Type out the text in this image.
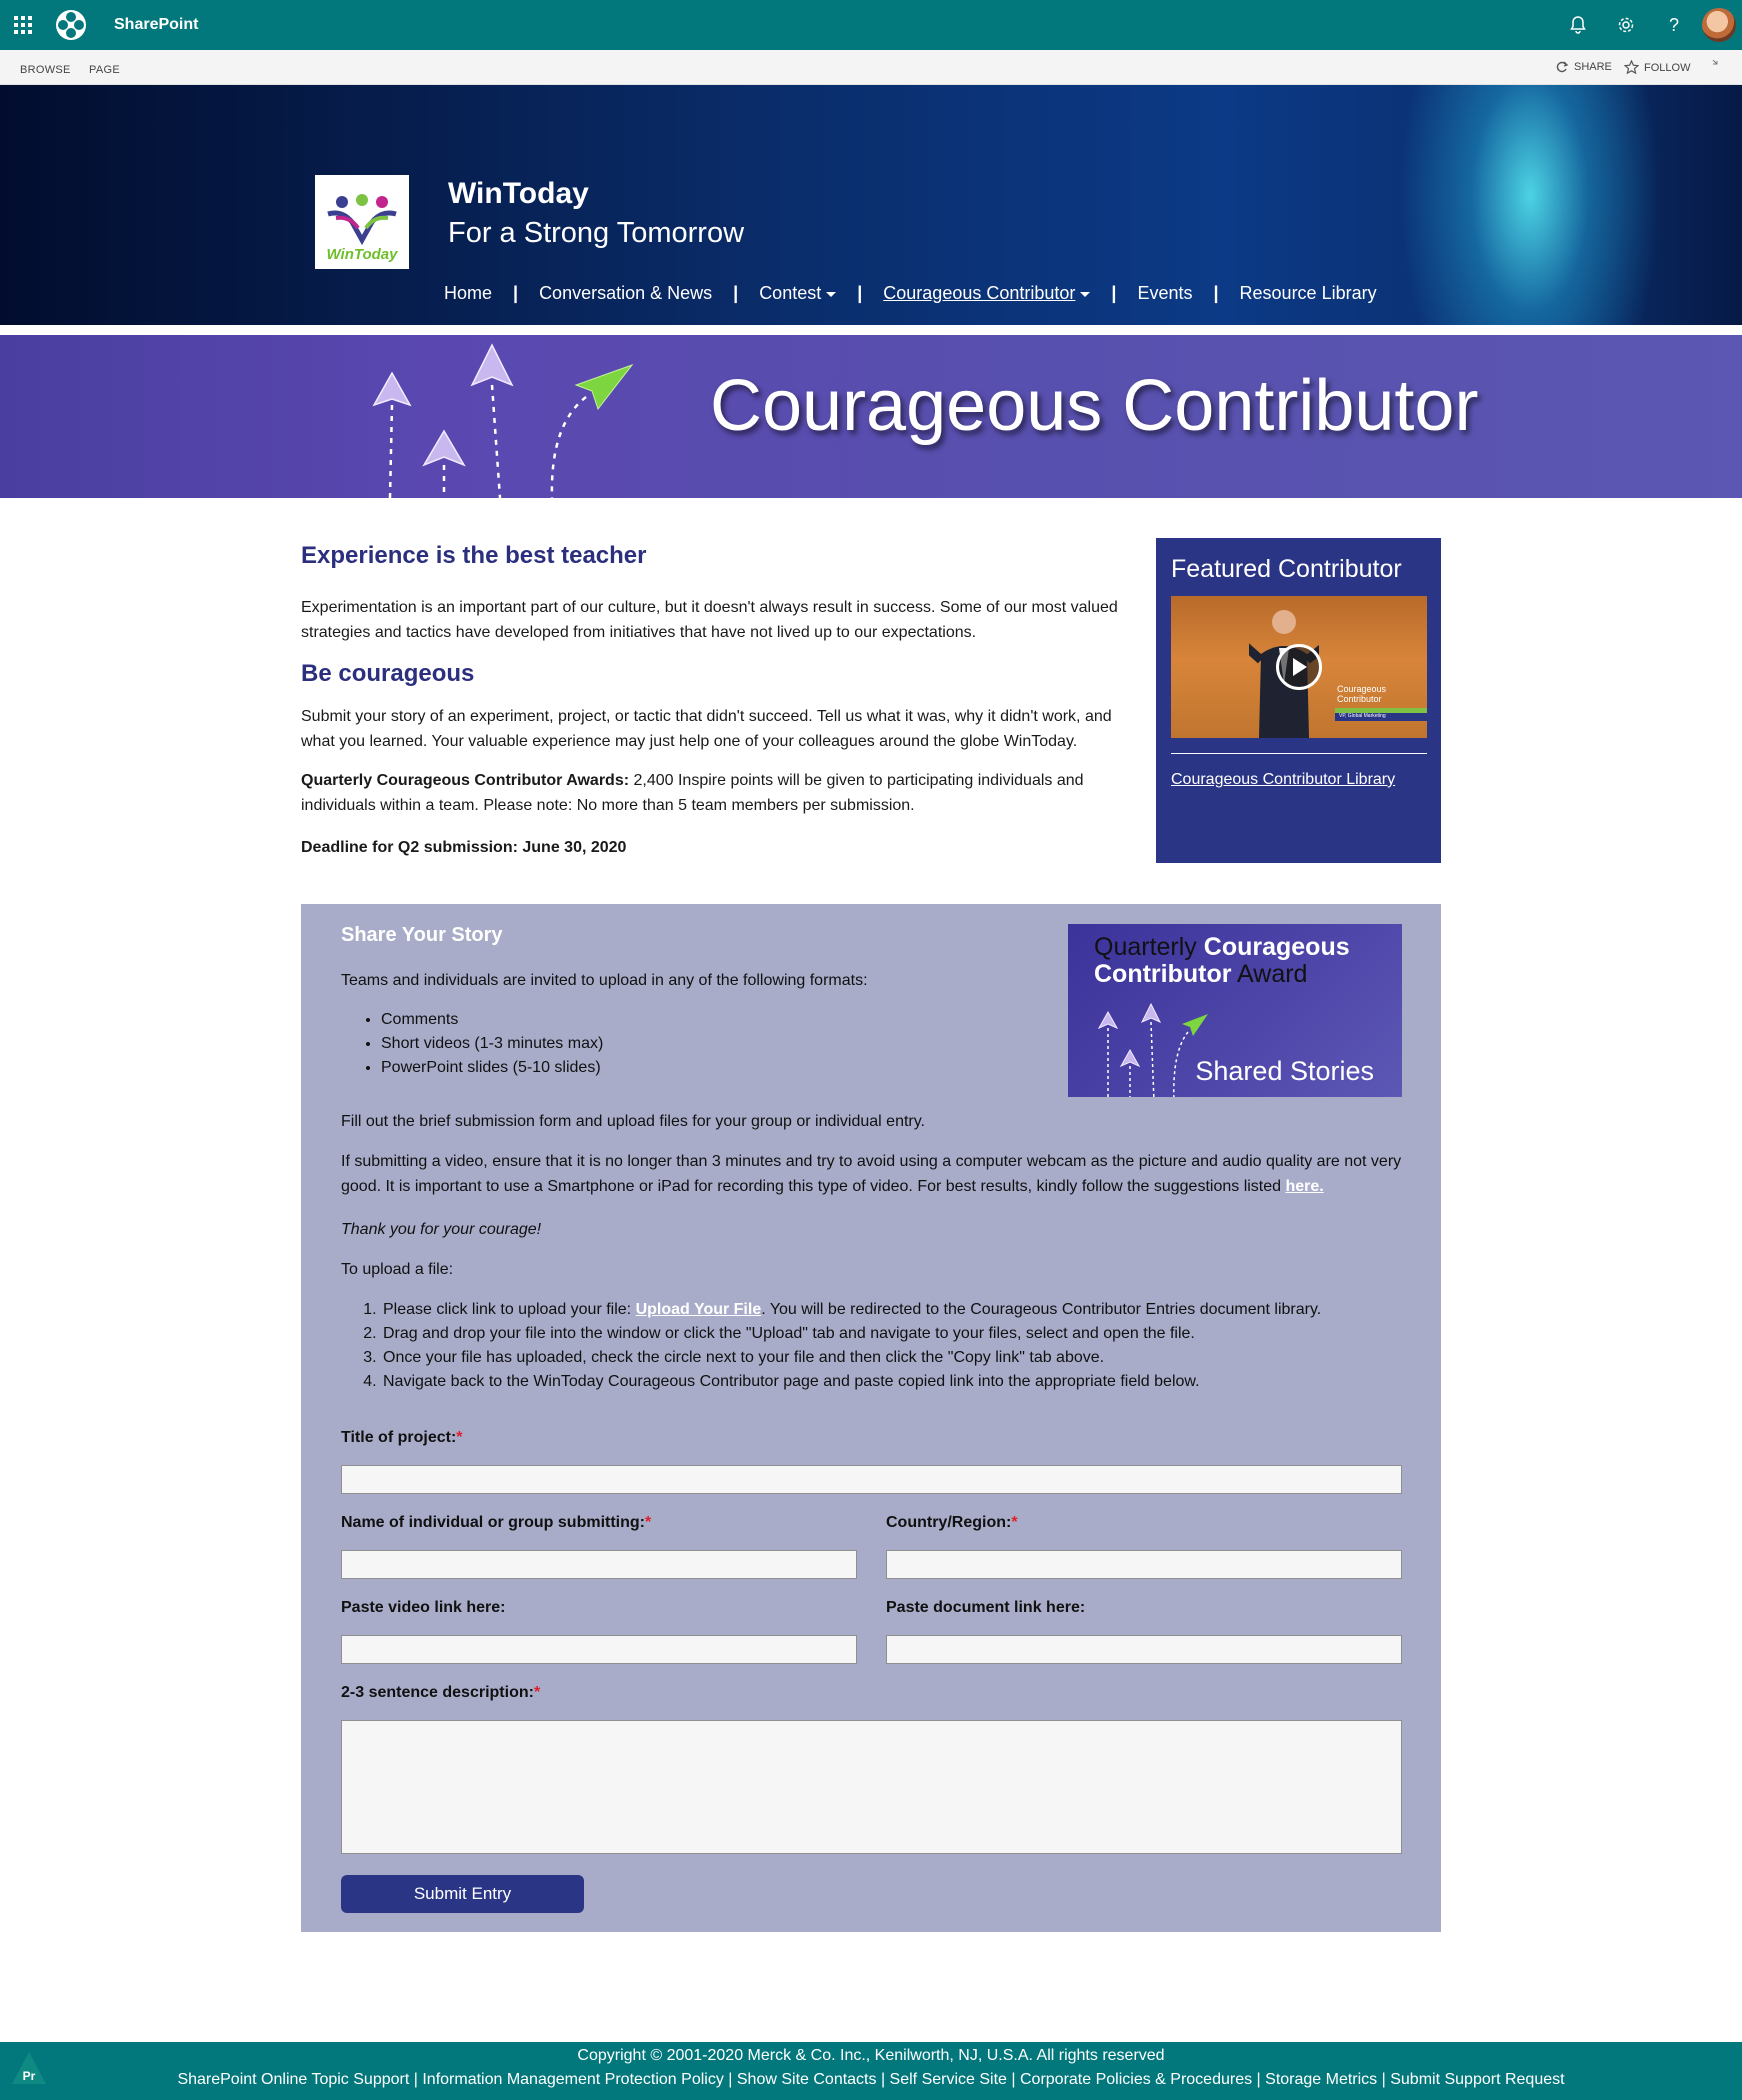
SharePoint	?
BROWSE PAGE	SHARE	FOLLOW
WinToday
WinToday
For a Strong Tomorrow
Home | Conversation & News | Contest	| Courageous Contributor	| Events | Resource Library
Courageous Contributor
Experience is the best teacher
Experimentation is an important part of our culture, but it doesn't always result in success. Some of our most valued strategies and tactics have developed from initiatives that have not lived up to our expectations.
Be courageous
Submit your story of an experiment, project, or tactic that didn't succeed. Tell us what it was, why it didn't work, and what you learned. Your valuable experience may just help one of your colleagues around the globe WinToday.
Quarterly Courageous Contributor Awards: 2,400 Inspire points will be given to participating individuals and individuals within a team. Please note: No more than 5 team members per submission.
Deadline for Q2 submission: June 30, 2020
Featured Contributor
Courageous
Contributor
VP, Global Marketing
Courageous Contributor Library
Share Your Story
Teams and individuals are invited to upload in any of the following formats:
• Comments
• Short videos (1-3 minutes max)
• PowerPoint slides (5-10 slides)
Quarterly Courageous
Contributor Award
Shared Stories
Fill out the brief submission form and upload files for your group or individual entry.
If submitting a video, ensure that it is no longer than 3 minutes and try to avoid using a computer webcam as the picture and audio quality are not very good. It is important to use a Smartphone or iPad for recording this type of video. For best results, kindly follow the suggestions listed here.
Thank you for your courage!
To upload a file:
1. Please click link to upload your file: Upload Your File. You will be redirected to the Courageous Contributor Entries document library.
2. Drag and drop your file into the window or click the "Upload" tab and navigate to your files, select and open the file.
3. Once your file has uploaded, check the circle next to your file and then click the "Copy link" tab above.
4. Navigate back to the WinToday Courageous Contributor page and paste copied link into the appropriate field below.
Title of project:*
Name of individual or group submitting:*	Country/Region:*
Paste video link here:	Paste document link here:
2-3 sentence description:*
Submit Entry
Pr
Copyright © 2001-2020 Merck & Co. Inc., Kenilworth, NJ, U.S.A. All rights reserved
SharePoint Online Topic Support | Information Management Protection Policy | Show Site Contacts | Self Service Site | Corporate Policies & Procedures | Storage Metrics | Submit Support Request
